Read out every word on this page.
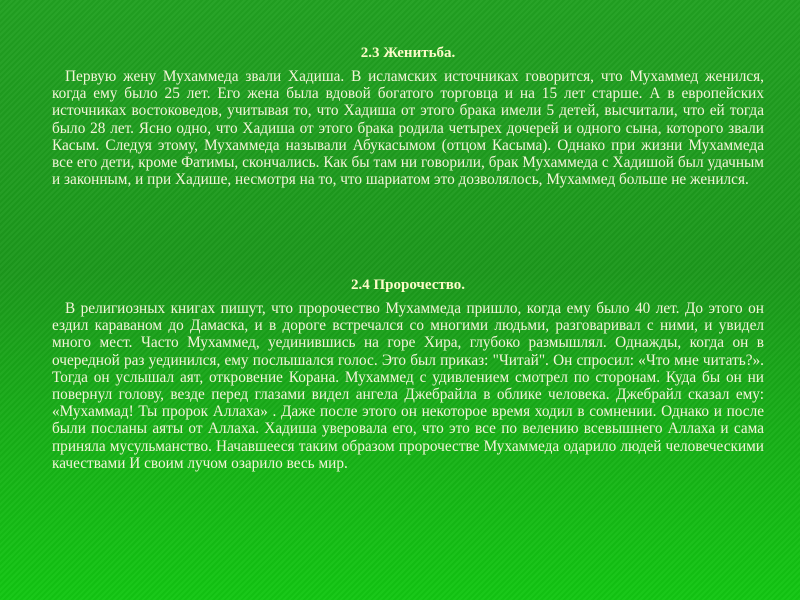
2.3 Женитьба.

Первую жену Мухаммеда звали Хадиша. В исламских источниках говорится, что Мухаммед женился, когда ему было 25 лет. Его жена была вдовой богатого торговца и на 15 лет старше. А в европейских источниках востоковедов, учитывая то, что Хадиша от этого брака имели 5 детей, высчитали, что ей тогда было 28 лет. Ясно одно, что Хадиша от этого брака родила четырех дочерей и одного сына, которого звали Касым. Следуя этому, Мухаммеда называли Абукасымом (отцом Касыма). Однако при жизни Мухаммеда все его дети, кроме Фатимы, скончались. Как бы там ни говорили, брак Мухаммеда с Хадишой был удачным и законным, и при Хадише, несмотря на то, что шариатом это дозволялось, Мухаммед больше не женился.

2.4 Пророчество.

В религиозных книгах пишут, что пророчество Мухаммеда пришло, когда ему было 40 лет. До этого он ездил караваном до Дамаска, и в дороге встречался со многими людьми, разговаривал с ними, и увидел много мест. Часто Мухаммед, уединившись на горе Хира, глубоко размышлял. Однажды, когда он в очередной раз уединился, ему послышался голос. Это был приказ: "Читай". Он спросил: «Что мне читать?». Тогда он услышал аят, откровение Корана. Мухаммед с удивлением смотрел по сторонам. Куда бы он ни повернул голову, везде перед глазами видел ангела Джебрайла в облике человека. Джебрайл сказал ему: «Мухаммад! Ты пророк Аллаха» . Даже после этого он некоторое время ходил в сомнении. Однако и после были посланы аяты от Аллаха. Хадиша уверовала его, что это все по велению всевышнего Аллаха и сама приняла мусульманство. Начавшееся таким образом пророчестве Мухаммеда одарило людей человеческими качествами И своим лучом озарило весь мир.
